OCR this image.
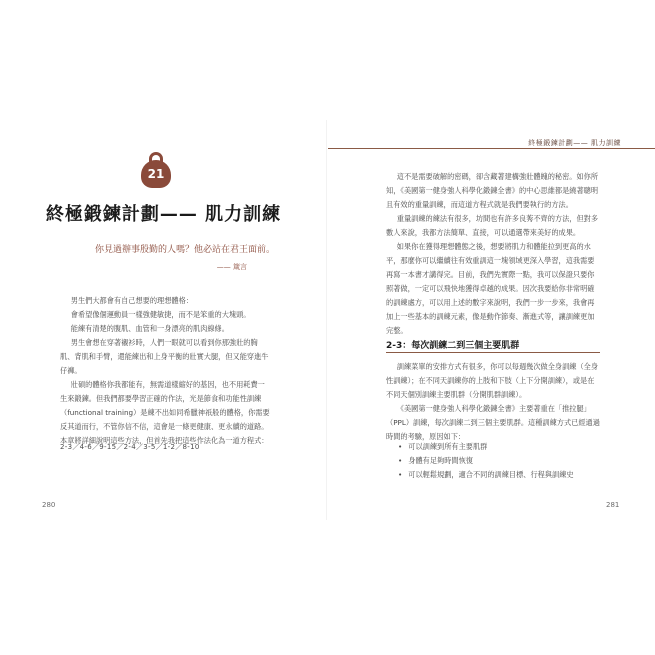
21
終極鍛鍊計劃—— 肌力訓練
你見過辦事殷勤的人嗎？他必站在君王面前。
—— 箴言

男生們大都會有自己想要的理想體格：

會希望像個運動員一樣強健敏捷，而不是笨重的大塊頭。

能練有清楚的腹肌、血管和一身漂亮的肌肉線條。

男生會想在穿著襯衫時，人們一眼就可以看到你那強壯的胸肌、背肌和手臂，還能練出和上身平衡的壯實大腿，但又能穿進牛仔褲。

壯碩的體格你我都能有，無需道樣縮好的基因，也不用耗費一生來鍛鍊。但我們都要學習正確的作法，光是節食和功能性訓練（functional training）是練不出如同希臘神祇般的體格，你需要反其道而行，不管你信不信，這會是一條更健康、更永續的道路。本章將詳細說明這些方法，但首先我把這些作法化為一道方程式：

2-3／4-6／9-15／2-4／3-5／1-2／8-10
280
終極鍛鍊計劃—— 肌力訓練

這不是需要破解的密碼，卻含藏著建構強壯體魄的秘密。如你所知，《美國第一健身強人科學化鍛鍊全書》的中心思維都是繞著聰明且有效的重量訓練，而這道方程式就是我們要執行的方法。

重量訓練的練法有很多，坊間也有許多良莠不齊的方法，但對多數人來說，我都方法簡單、直接，可以通選帶來美好的成果。

如果你在獲得理想體態之後，想要將肌力和體能拉到更高的水平，那麼你可以繼續往有效重訓這一塊領域更深入學習，這我需要再寫一本書才講得完。目前，我們先實際一點，我可以保證只要你照著做，一定可以飛快地獲得卓越的成果。因次我要給你非常明確的訓練處方，可以用上述的數字來說明，我們一步一步來，我會再加上一些基本的訓練元素，像是動作節奏、漸進式等，讓訓練更加完整。

2-3：每次訓練二到三個主要肌群

訓練菜單的安排方式有很多，你可以每週幾次做全身訓練（全身性訓練）；在不同天訓練你的上肢和下肢（上下分開訓練），或是在不同天個別訓練主要肌群（分開肌群訓練）。

《美國第一健身強人科學化鍛鍊全書》主要著重在「推拉腿」（PPL）訓練，每次訓練二到三個主要肌群。這種訓練方式已經通過時間的考驗，原因如下：

• 可以訓練到所有主要肌群
• 身體有足夠時間恢復
• 可以輕鬆規劃，適合不同的訓練目標、行程與訓練史
281
